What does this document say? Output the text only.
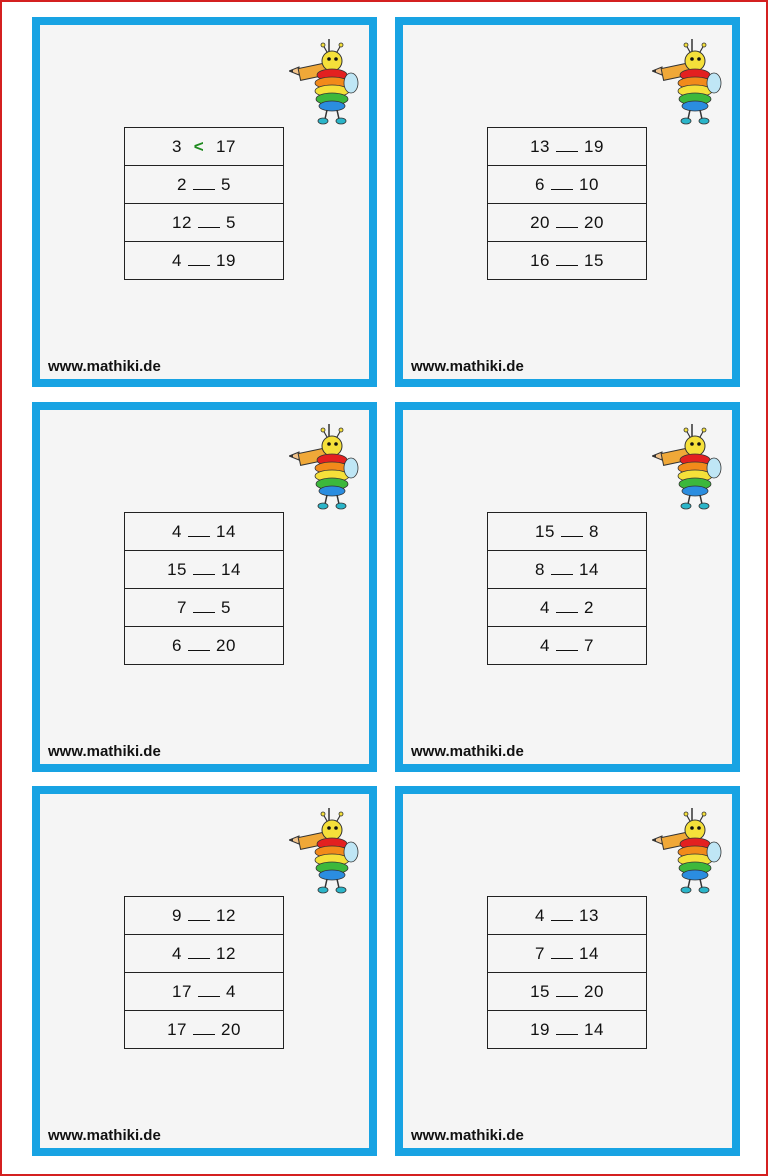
3 < 17

2 5

12 5

4 19
www.mathiki.de
13 19

6 10

20 20

16 15
www.mathiki.de
4 14

15 14

7 5

6 20
www.mathiki.de
15 8

8 14

4 2

4 7
www.mathiki.de
9 12

4 12

17 4

17 20
www.mathiki.de
4 13

7 14

15 20

19 14
www.mathiki.de
